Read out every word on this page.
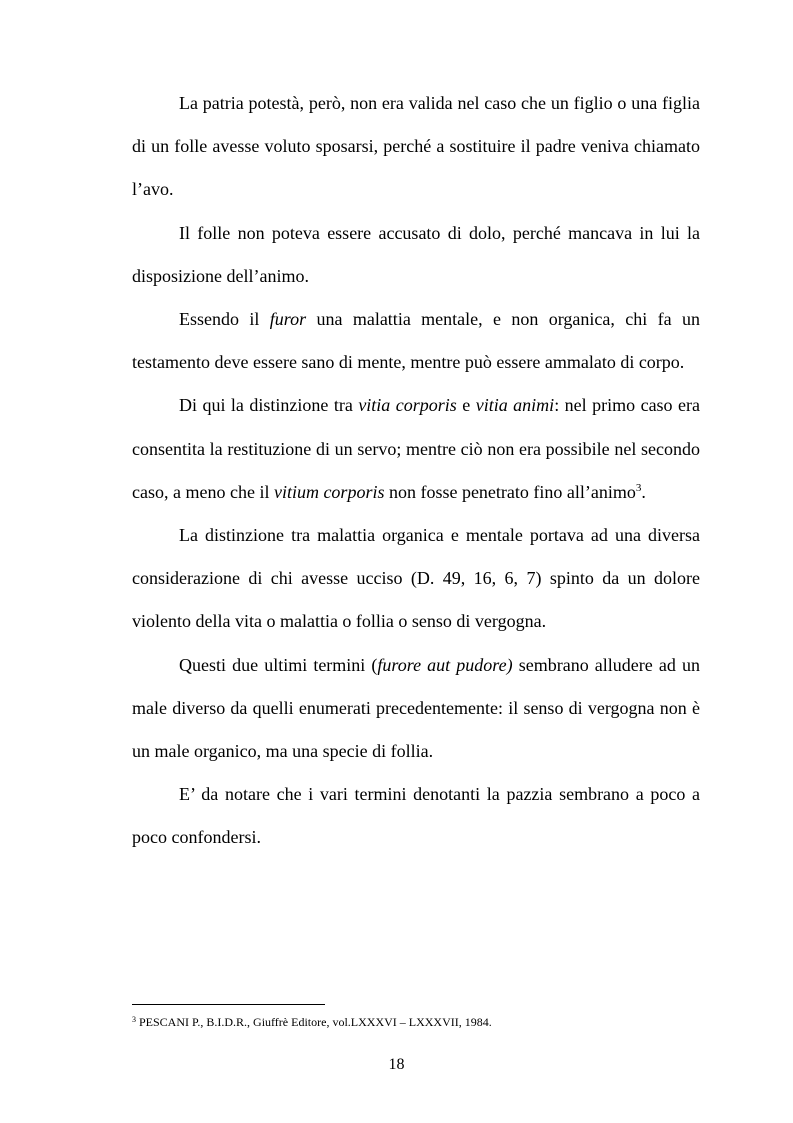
La patria potestà, però, non era valida nel caso che un figlio o una figlia di un folle avesse voluto sposarsi, perché a sostituire il padre veniva chiamato l’avo.

Il folle non poteva essere accusato di dolo, perché mancava in lui la disposizione dell’animo.

Essendo il furor una malattia mentale, e non organica, chi fa un testamento deve essere sano di mente, mentre può essere ammalato di corpo.

Di qui la distinzione tra vitia corporis e vitia animi: nel primo caso era consentita la restituzione di un servo; mentre ciò non era possibile nel secondo caso, a meno che il vitium corporis non fosse penetrato fino all’animo$^3$.

La distinzione tra malattia organica e mentale portava ad una diversa considerazione di chi avesse ucciso (D. 49, 16, 6, 7) spinto da un dolore violento della vita o malattia o follia o senso di vergogna.

Questi due ultimi termini (furore aut pudore) sembrano alludere ad un male diverso da quelli enumerati precedentemente: il senso di vergogna non è un male organico, ma una specie di follia.

E’ da notare che i vari termini denotanti la pazzia sembrano a poco a poco confondersi.

$^3$ PESCANI P., B.I.D.R., Giuffrè Editore, vol.LXXXVI – LXXXVII, 1984.
18
